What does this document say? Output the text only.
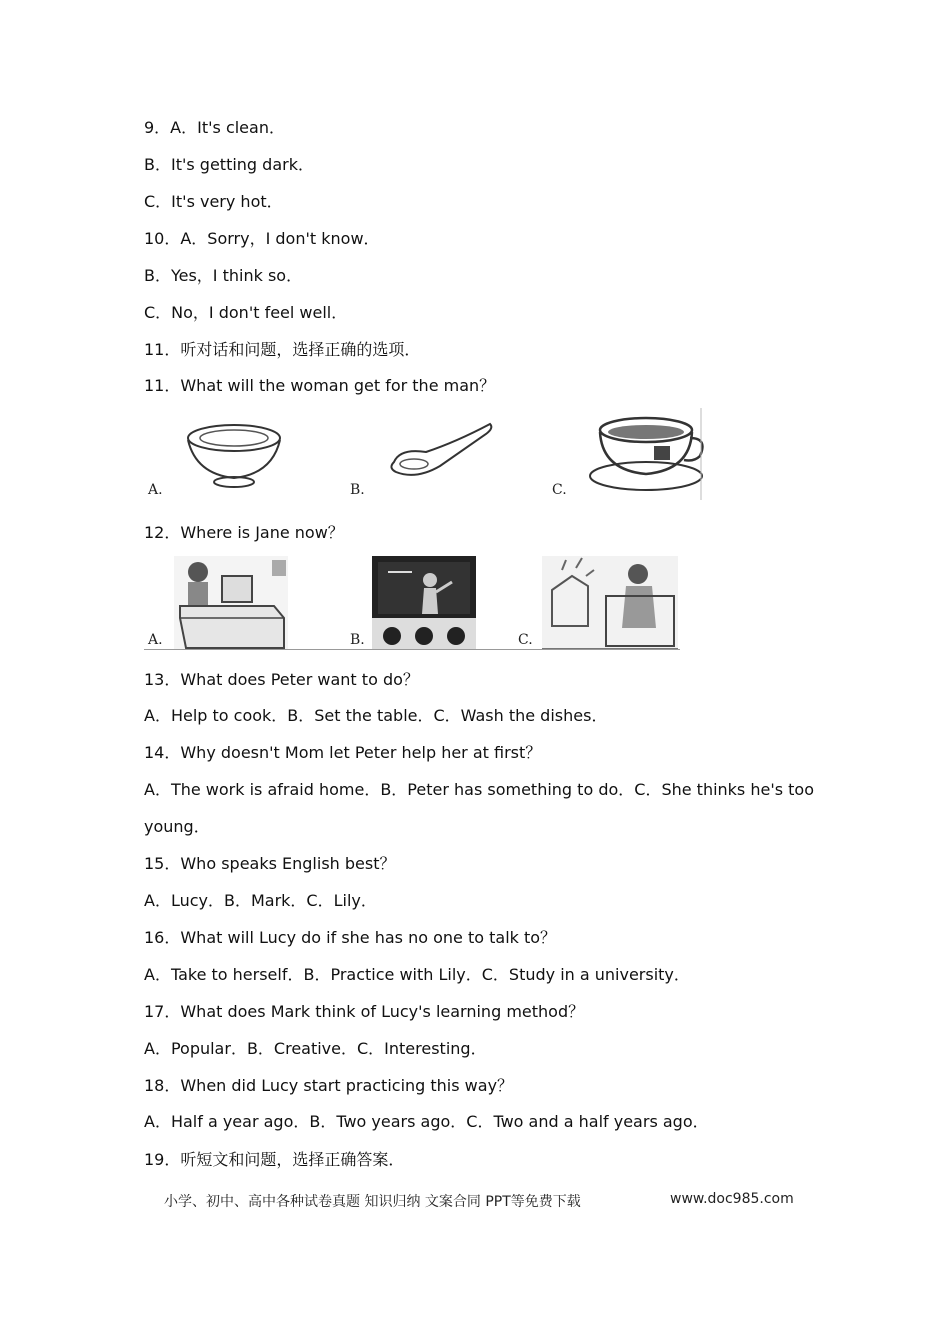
9．A．It's clean．
B．It's getting dark．
C．It's very hot．
10．A．Sorry，I don't know．
B．Yes，I think so．
C．No，I don't feel well．
11．听对话和问题，选择正确的选项．
11．What will the woman get for the man？
A.	B.	C.
12．Where is Jane now？
A.	B.	C.
13．What does Peter want to do？
A．Help to cook．B．Set the table．C．Wash the dishes．
14．Why doesn't Mom let Peter help her at first？
A．The work is afraid home．B．Peter has something to do．C．She thinks he's too
young．
15．Who speaks English best？
A．Lucy．B．Mark．C．Lily．
16．What will Lucy do if she has no one to talk to？
A．Take to herself．B．Practice with Lily．C．Study in a university．
17．What does Mark think of Lucy's learning method？
A．Popular．B．Creative．C．Interesting．
18．When did Lucy start practicing this way？
A．Half a year ago．B．Two years ago．C．Two and a half years ago．
19．听短文和问题，选择正确答案．
小学、初中、高中各种试卷真题 知识归纳 文案合同 PPT等免费下载	www.doc985.com
